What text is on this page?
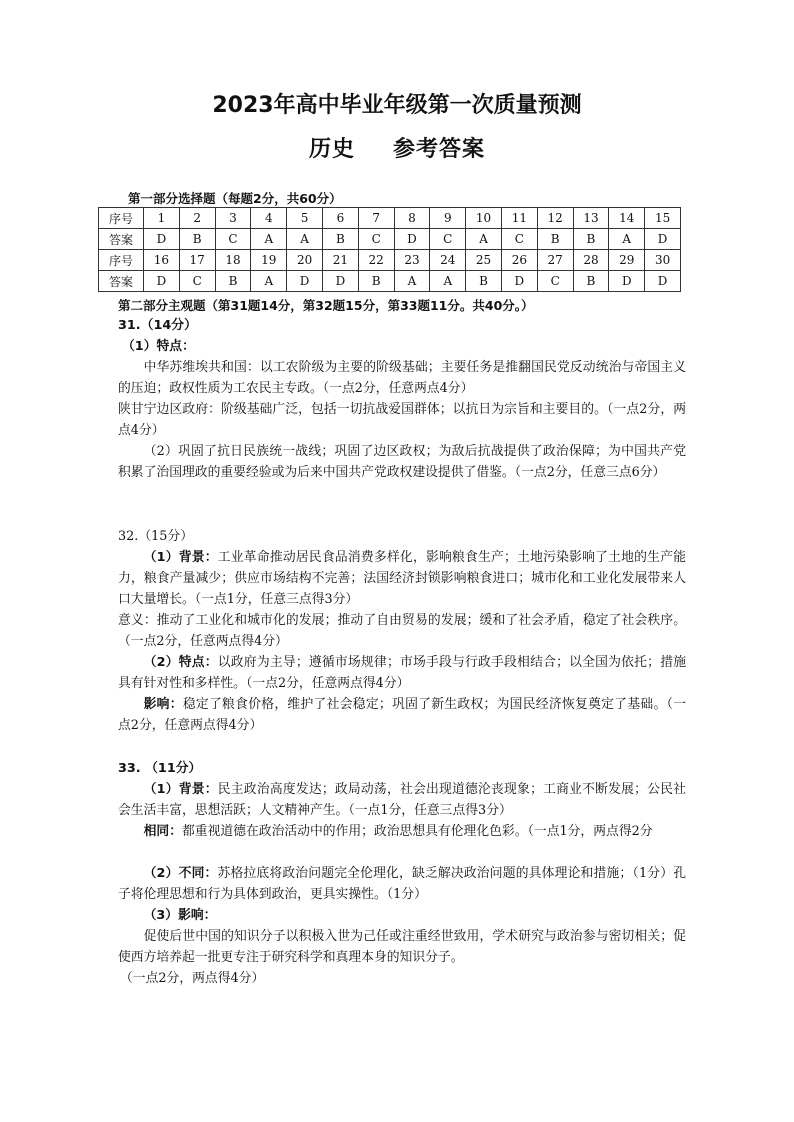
2023年高中毕业年级第一次质量预测
历史 参考答案
第一部分选择题（每题2分，共60分）
序号	1	2	3	4	5	6	7	8	9	10	11	12	13	14	15
答案	D	B	C	A	A	B	C	D	C	A	C	B	B	A	D
序号	16	17	18	19	20	21	22	23	24	25	26	27	28	29	30
答案	D	C	B	A	D	D	B	A	A	B	D	C	B	D	D
第二部分主观题（第31题14分，第32题15分，第33题11分。共40分。）
31.（14分）
（1）特点：
中华苏维埃共和国：以工农阶级为主要的阶级基础；主要任务是推翻国民党反动统治与帝国主义的压迫；政权性质为工农民主专政。（一点2分，任意两点4分）
陕甘宁边区政府：阶级基础广泛，包括一切抗战爱国群体；以抗日为宗旨和主要目的。（一点2分，两点4分）
（2）巩固了抗日民族统一战线；巩固了边区政权；为敌后抗战提供了政治保障；为中国共产党积累了治国理政的重要经验或为后来中国共产党政权建设提供了借鉴。（一点2分，任意三点6分）
32.（15分）
（1）背景：工业革命推动居民食品消费多样化，影响粮食生产；土地污染影响了土地的生产能力，粮食产量减少；供应市场结构不完善；法国经济封锁影响粮食进口；城市化和工业化发展带来人口大量增长。（一点1分，任意三点得3分）
意义：推动了工业化和城市化的发展；推动了自由贸易的发展；缓和了社会矛盾，稳定了社会秩序。（一点2分，任意两点得4分）
（2）特点：以政府为主导；遵循市场规律；市场手段与行政手段相结合；以全国为依托；措施具有针对性和多样性。（一点2分，任意两点得4分）
影响：稳定了粮食价格，维护了社会稳定；巩固了新生政权；为国民经济恢复奠定了基础。（一点2分，任意两点得4分）
33. （11分）
（1）背景：民主政治高度发达；政局动荡，社会出现道德沦丧现象；工商业不断发展；公民社会生活丰富，思想活跃；人文精神产生。（一点1分，任意三点得3分）
相同：都重视道德在政治活动中的作用；政治思想具有伦理化色彩。（一点1分，两点得2分
（2）不同：苏格拉底将政治问题完全伦理化，缺乏解决政治问题的具体理论和措施；（1分）孔子将伦理思想和行为具体到政治，更具实操性。（1分）
（3）影响：
促使后世中国的知识分子以积极入世为己任或注重经世致用，学术研究与政治参与密切相关；促使西方培养起一批更专注于研究科学和真理本身的知识分子。
（一点2分，两点得4分）
